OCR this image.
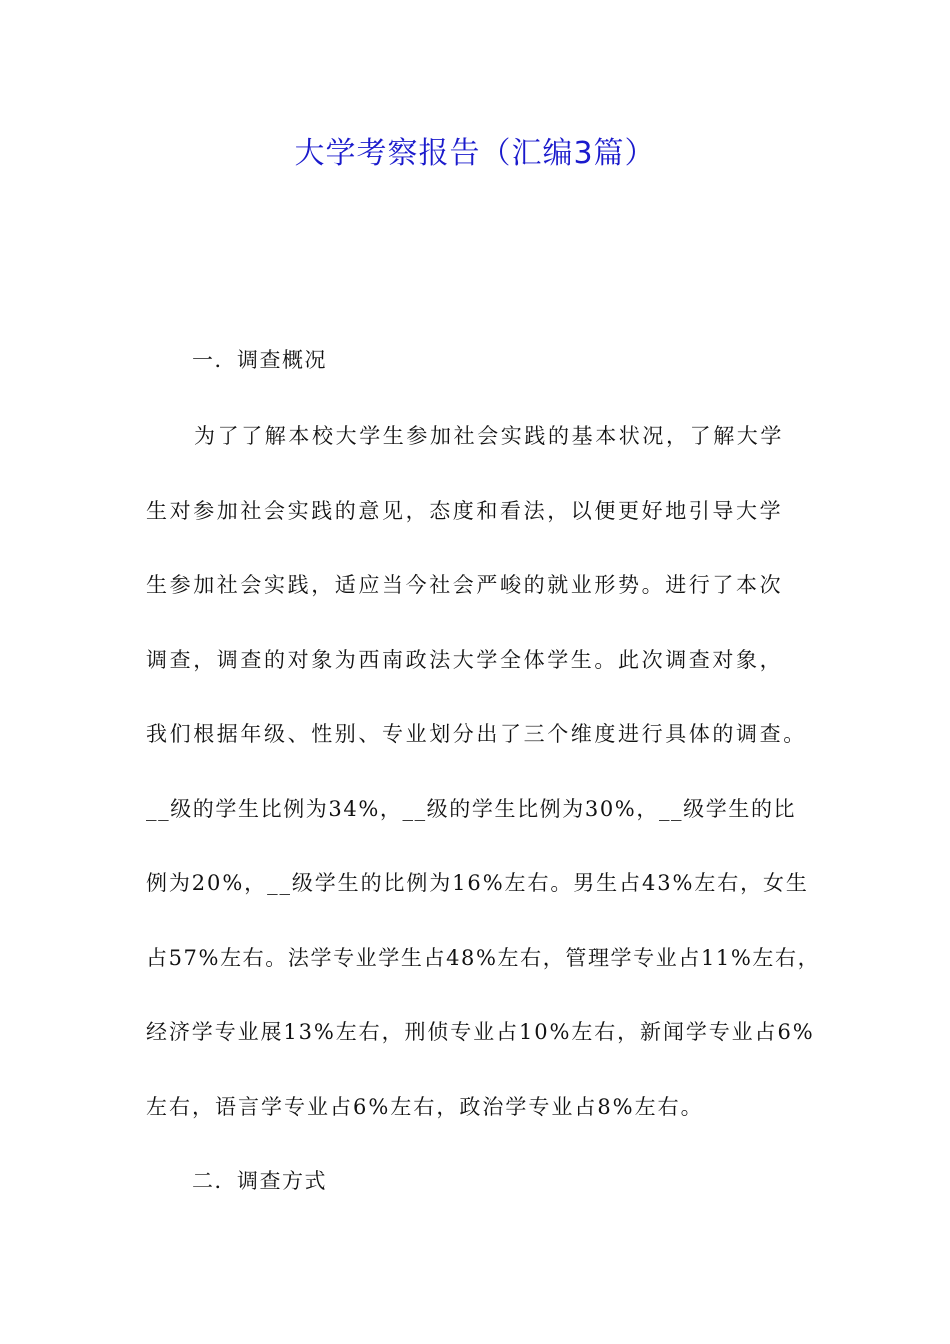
大学考察报告（汇编3篇）

一．调查概况

为了了解本校大学生参加社会实践的基本状况，了解大学

生对参加社会实践的意见，态度和看法，以便更好地引导大学

生参加社会实践，适应当今社会严峻的就业形势。进行了本次

调查，调查的对象为西南政法大学全体学生。此次调查对象，

我们根据年级、性别、专业划分出了三个维度进行具体的调查。

__级的学生比例为34%，__级的学生比例为30%，__级学生的比

例为20%，__级学生的比例为16%左右。男生占43%左右，女生

占57%左右。法学专业学生占48%左右，管理学专业占11%左右，

经济学专业展13%左右，刑侦专业占10%左右，新闻学专业占6%

左右，语言学专业占6%左右，政治学专业占8%左右。

二．调查方式
